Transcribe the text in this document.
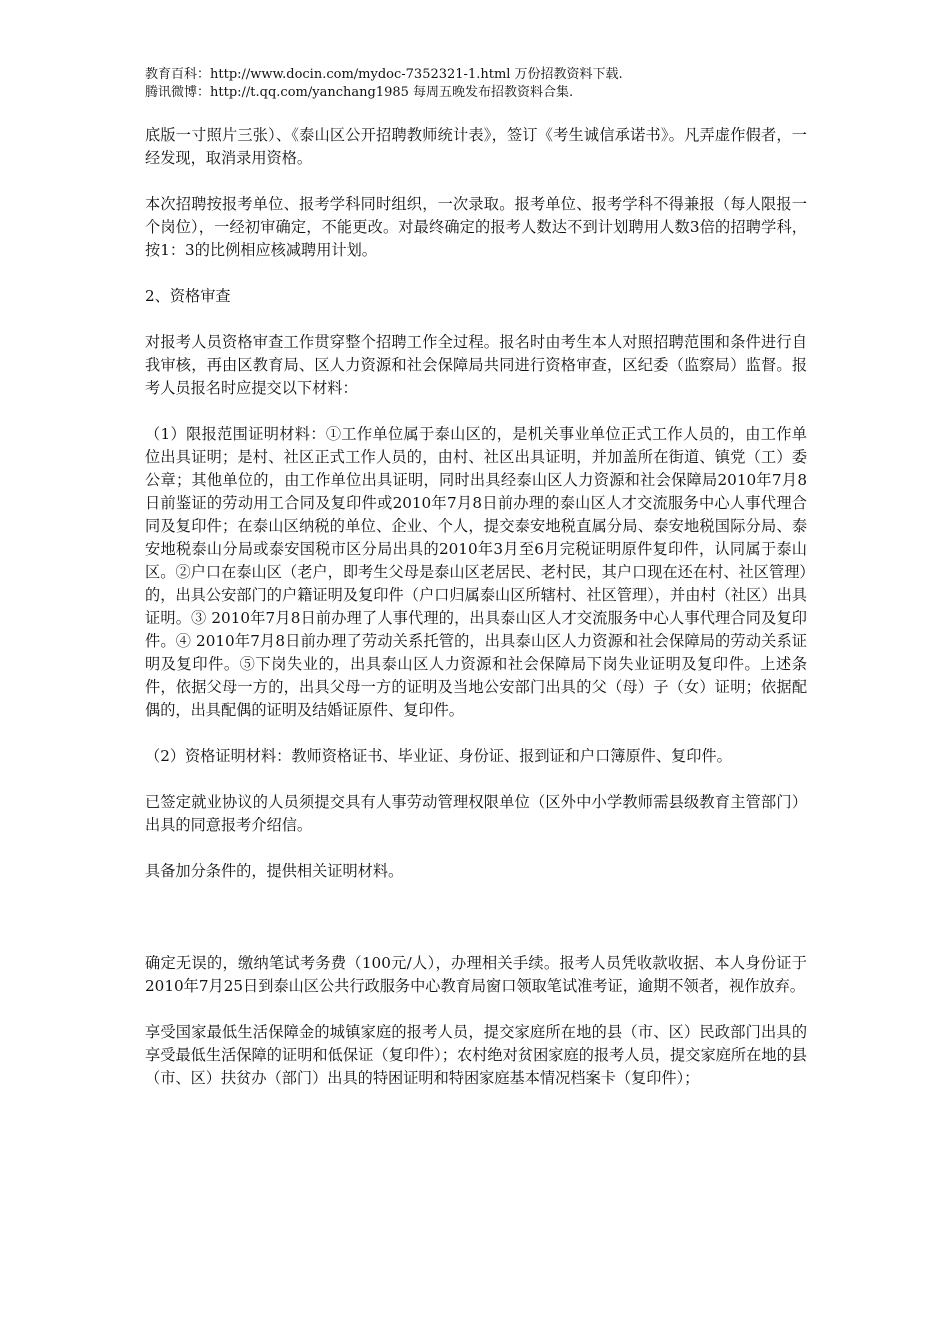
教育百科：http://www.docin.com/mydoc-7352321-1.html 万份招教资料下载.
腾讯微博：http://t.qq.com/yanchang1985 每周五晚发布招教资料合集.

底版一寸照片三张）、《泰山区公开招聘教师统计表》，签订《考生诚信承诺书》。凡弄虚作假者，一经发现，取消录用资格。

本次招聘按报考单位、报考学科同时组织，一次录取。报考单位、报考学科不得兼报（每人限报一个岗位），一经初审确定，不能更改。对最终确定的报考人数达不到计划聘用人数3倍的招聘学科，按1：3的比例相应核减聘用计划。

2、资格审查

对报考人员资格审查工作贯穿整个招聘工作全过程。报名时由考生本人对照招聘范围和条件进行自我审核，再由区教育局、区人力资源和社会保障局共同进行资格审查，区纪委（监察局）监督。报考人员报名时应提交以下材料：

（1）限报范围证明材料：①工作单位属于泰山区的，是机关事业单位正式工作人员的，由工作单位出具证明；是村、社区正式工作人员的，由村、社区出具证明，并加盖所在街道、镇党（工）委公章；其他单位的，由工作单位出具证明，同时出具经泰山区人力资源和社会保障局2010年7月8日前鉴证的劳动用工合同及复印件或2010年7月8日前办理的泰山区人才交流服务中心人事代理合同及复印件；在泰山区纳税的单位、企业、个人，提交泰安地税直属分局、泰安地税国际分局、泰安地税泰山分局或泰安国税市区分局出具的2010年3月至6月完税证明原件复印件，认同属于泰山区。②户口在泰山区（老户，即考生父母是泰山区老居民、老村民，其户口现在还在村、社区管理）的，出具公安部门的户籍证明及复印件（户口归属泰山区所辖村、社区管理），并由村（社区）出具证明。③ 2010年7月8日前办理了人事代理的，出具泰山区人才交流服务中心人事代理合同及复印件。④ 2010年7月8日前办理了劳动关系托管的，出具泰山区人力资源和社会保障局的劳动关系证明及复印件。⑤下岗失业的，出具泰山区人力资源和社会保障局下岗失业证明及复印件。上述条件，依据父母一方的，出具父母一方的证明及当地公安部门出具的父（母）子（女）证明；依据配偶的，出具配偶的证明及结婚证原件、复印件。

（2）资格证明材料：教师资格证书、毕业证、身份证、报到证和户口簿原件、复印件。

已签定就业协议的人员须提交具有人事劳动管理权限单位（区外中小学教师需县级教育主管部门）出具的同意报考介绍信。

具备加分条件的，提供相关证明材料。

确定无误的，缴纳笔试考务费（100元/人），办理相关手续。报考人员凭收款收据、本人身份证于2010年7月25日到泰山区公共行政服务中心教育局窗口领取笔试准考证，逾期不领者，视作放弃。

享受国家最低生活保障金的城镇家庭的报考人员，提交家庭所在地的县（市、区）民政部门出具的享受最低生活保障的证明和低保证（复印件）；农村绝对贫困家庭的报考人员，提交家庭所在地的县（市、区）扶贫办（部门）出具的特困证明和特困家庭基本情况档案卡（复印件）；
